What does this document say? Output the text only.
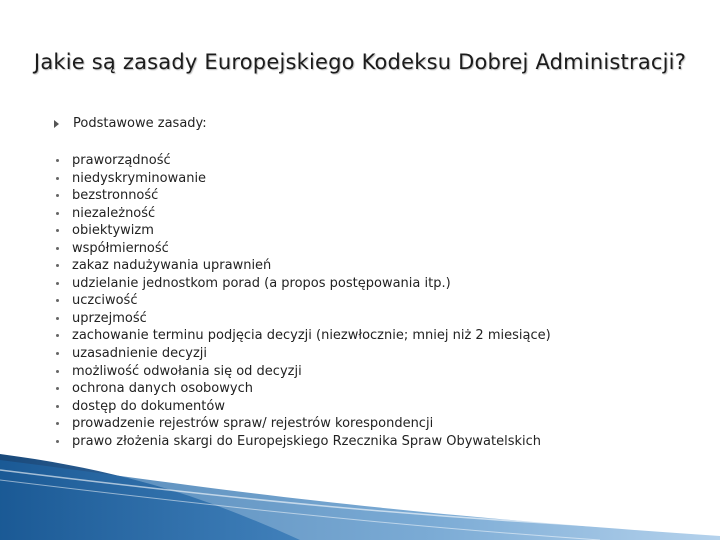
Jakie są zasady Europejskiego Kodeksu Dobrej Administracji?
Podstawowe zasady:
praworządność
niedyskryminowanie
bezstronność
niezależność
obiektywizm
współmierność
zakaz nadużywania uprawnień
udzielanie jednostkom porad (a propos postępowania itp.)
uczciwość
uprzejmość
zachowanie terminu podjęcia decyzji (niezwłocznie; mniej niż 2 miesiące)
uzasadnienie decyzji
możliwość odwołania się od decyzji
ochrona danych osobowych
dostęp do dokumentów
prowadzenie rejestrów spraw/ rejestrów korespondencji
prawo złożenia skargi do Europejskiego Rzecznika Spraw Obywatelskich
